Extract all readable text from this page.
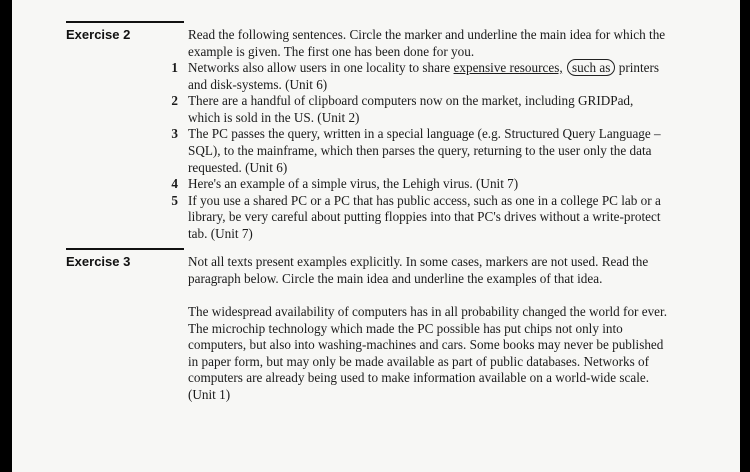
Exercise 2	Read the following sentences. Circle the marker and underline the main idea for which the example is given. The first one has been done for you.
1 Networks also allow users in one locality to share expensive resources, such as printers and disk-systems. (Unit 6)
2 There are a handful of clipboard computers now on the market, including GRIDPad, which is sold in the US. (Unit 2)
3 The PC passes the query, written in a special language (e.g. Structured Query Language – SQL), to the mainframe, which then parses the query, returning to the user only the data requested. (Unit 6)
4 Here's an example of a simple virus, the Lehigh virus. (Unit 7)
5 If you use a shared PC or a PC that has public access, such as one in a college PC lab or a library, be very careful about putting floppies into that PC's drives without a write-protect tab. (Unit 7)
Exercise 3	Not all texts present examples explicitly. In some cases, markers are not used. Read the paragraph below. Circle the main idea and underline the examples of that idea.
The widespread availability of computers has in all probability changed the world for ever. The microchip technology which made the PC possible has put chips not only into computers, but also into washing-machines and cars. Some books may never be published in paper form, but may only be made available as part of public databases. Networks of computers are already being used to make information available on a world-wide scale. (Unit 1)
